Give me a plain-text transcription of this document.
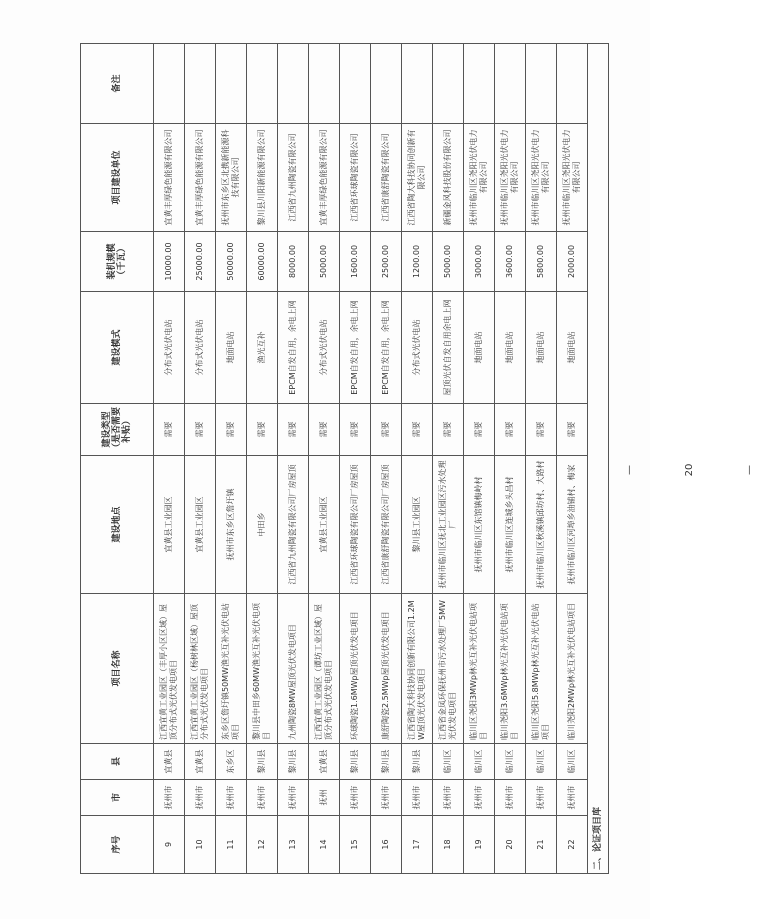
序号	市	县	项目名称	建设地点	建设类型（是否需要补贴）	建设模式	装机规模（千瓦）	项目建设单位	备注
9	抚州市	宜黄县	江西宜黄工业园区（丰厚小区区域）屋顶分布式光伏发电项目	宜黄县工业园区	需要	分布式光伏电站	10000.00	宜黄丰厚绿色能源有限公司	
10	抚州市	宜黄县	江西宜黄工业园区（杨树林区域）屋顶分布式光伏发电项目	宜黄县工业园区	需要	分布式光伏电站	25000.00	宜黄丰厚绿色能源有限公司	
11	抚州市	东乡区	东乡区詹圩镇50MW渔光互补光伏电站项目	抚州市东乡区詹圩镇	需要	地面电站	50000.00	抚州市东乡区北携新能源科技有限公司	
12	抚州市	黎川县	黎川县中田乡60MW渔光互补光伏电项目	中田乡	需要	渔光互补	60000.00	黎川县川阳新能源有限公司	
13	抚州市	黎川县	九州陶瓷8MW屋顶光伏发电项目	江西省九州陶瓷有限公司厂房屋顶	需要	EPCM自发自用，余电上网	8000.00	江西省九州陶瓷有限公司	
14	抚州	宜黄县	江西宜黄工业园区（谭坊工业区域）屋顶分布式光伏发电项目	宜黄县工业园区	需要	分布式光伏电站	5000.00	宜黄丰厚绿色能源有限公司	
15	抚州市	黎川县	环球陶瓷1.6MWp屋顶光伏发电项目	江西省环球陶瓷有限公司厂房屋顶	需要	EPCM自发自用，余电上网	1600.00	江西省环球陶瓷有限公司	
16	抚州市	黎川县	康舒陶瓷2.5MWp屋顶光伏发电项目	江西省康舒陶瓷有限公司厂房屋顶	需要	EPCM自发自用，余电上网	2500.00	江西省康舒陶瓷有限公司	
17	抚州市	黎川县	江西省陶大科技协同创新有限公司1.2MW屋顶光伏发电项目	黎川县工业园区	需要	分布式光伏电站	1200.00	江西省陶大科技协同创新有限公司	
18	抚州市	临川区	江西省金凤环保抚州市污水处理厂5MW光伏发电项目	抚州市临川区抚北工业园区污水处理厂	需要	屋顶光伏自发自用余电上网	5000.00	新疆金风科技股份有限公司	
19	抚州市	临川区	临川区尧阳3MWp林光互补光伏电站项目	抚州市临川区东馆镇梅岭村	需要	地面电站	3000.00	抚州市临川区尧阳光伏电力有限公司	
20	抚州市	临川区	临川尧阳3.6MWp林光互补光伏电站项目	抚州市临川区连城乡头昌村	需要	地面电站	3600.00	抚州市临川区尧阳光伏电力有限公司	
21	抚州市	临川区	临川区尧阳5.8MWp林光互补光伏电站项目	抚州市临川区秋溪镇邱坊村、大路村	需要	地面电站	5800.00	抚州市临川区尧阳光伏电力有限公司	
22	抚州市	临川区	临川尧阳2MWp林光互补光伏电站项目	抚州市临川区河埠乡油铺村、梅家	需要	地面电站	2000.00	抚州市临川区尧阳光伏电力有限公司	
二、论证项目库									
— 20 —
